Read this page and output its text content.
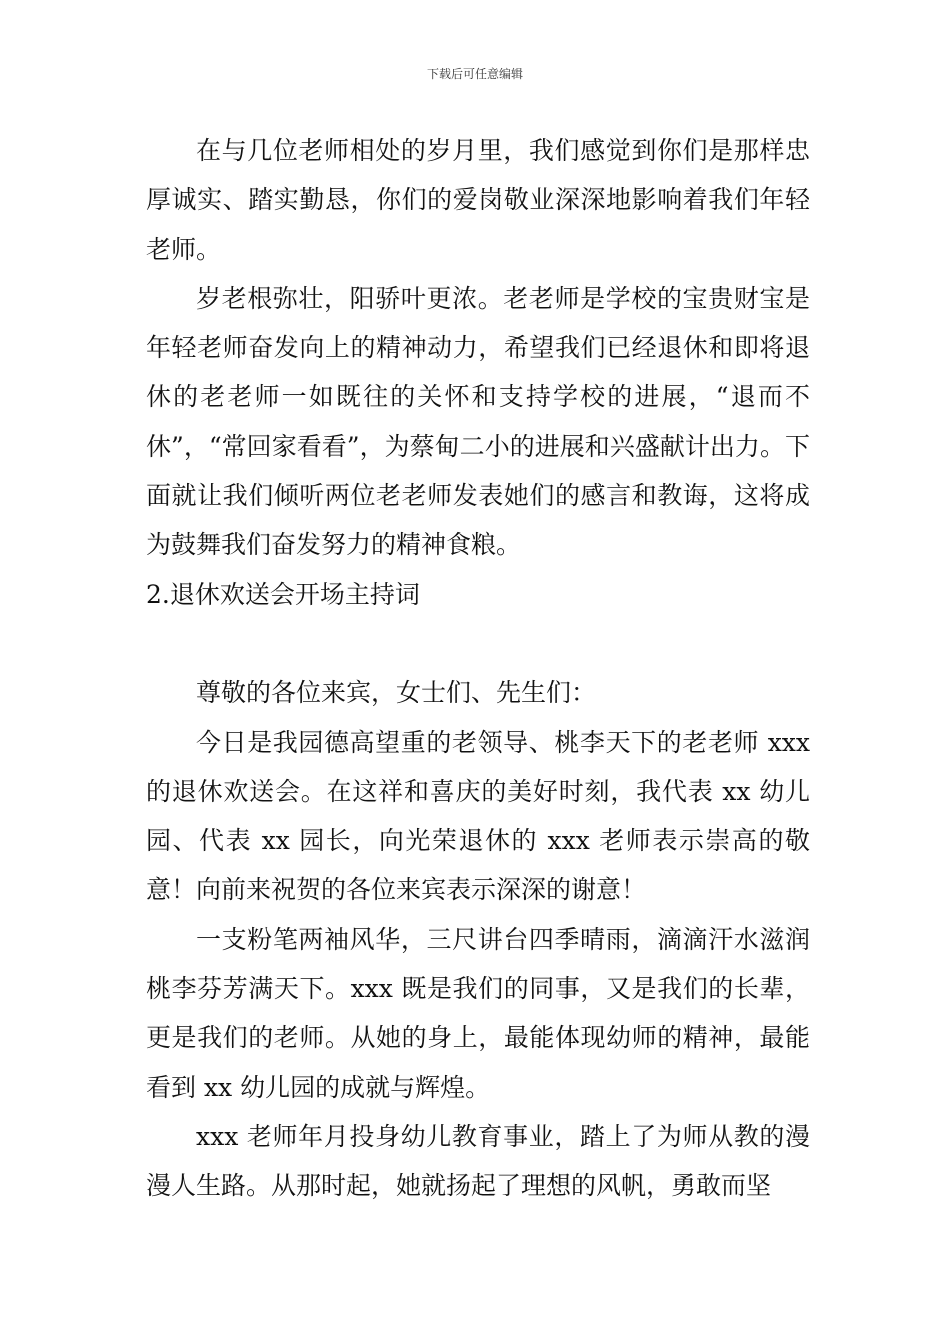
下载后可任意编辑

在与几位老师相处的岁月里，我们感觉到你们是那样忠厚诚实、踏实勤恳，你们的爱岗敬业深深地影响着我们年轻老师。

岁老根弥壮，阳骄叶更浓。老老师是学校的宝贵财宝是年轻老师奋发向上的精神动力，希望我们已经退休和即将退休的老老师一如既往的关怀和支持学校的进展，“退而不休”，“常回家看看”，为蔡甸二小的进展和兴盛献计出力。下面就让我们倾听两位老老师发表她们的感言和教诲，这将成为鼓舞我们奋发努力的精神食粮。

2.退休欢送会开场主持词

尊敬的各位来宾，女士们、先生们：

今日是我园德高望重的老领导、桃李天下的老老师 xxx 的退休欢送会。在这祥和喜庆的美好时刻，我代表 xx 幼儿园、代表 xx 园长，向光荣退休的 xxx 老师表示崇高的敬意！向前来祝贺的各位来宾表示深深的谢意！

一支粉笔两袖风华，三尺讲台四季晴雨，滴滴汗水滋润桃李芬芳满天下。xxx 既是我们的同事，又是我们的长辈，更是我们的老师。从她的身上，最能体现幼师的精神，最能看到 xx 幼儿园的成就与辉煌。

xxx 老师年月投身幼儿教育事业，踏上了为师从教的漫漫人生路。从那时起，她就扬起了理想的风帆，勇敢而坚
